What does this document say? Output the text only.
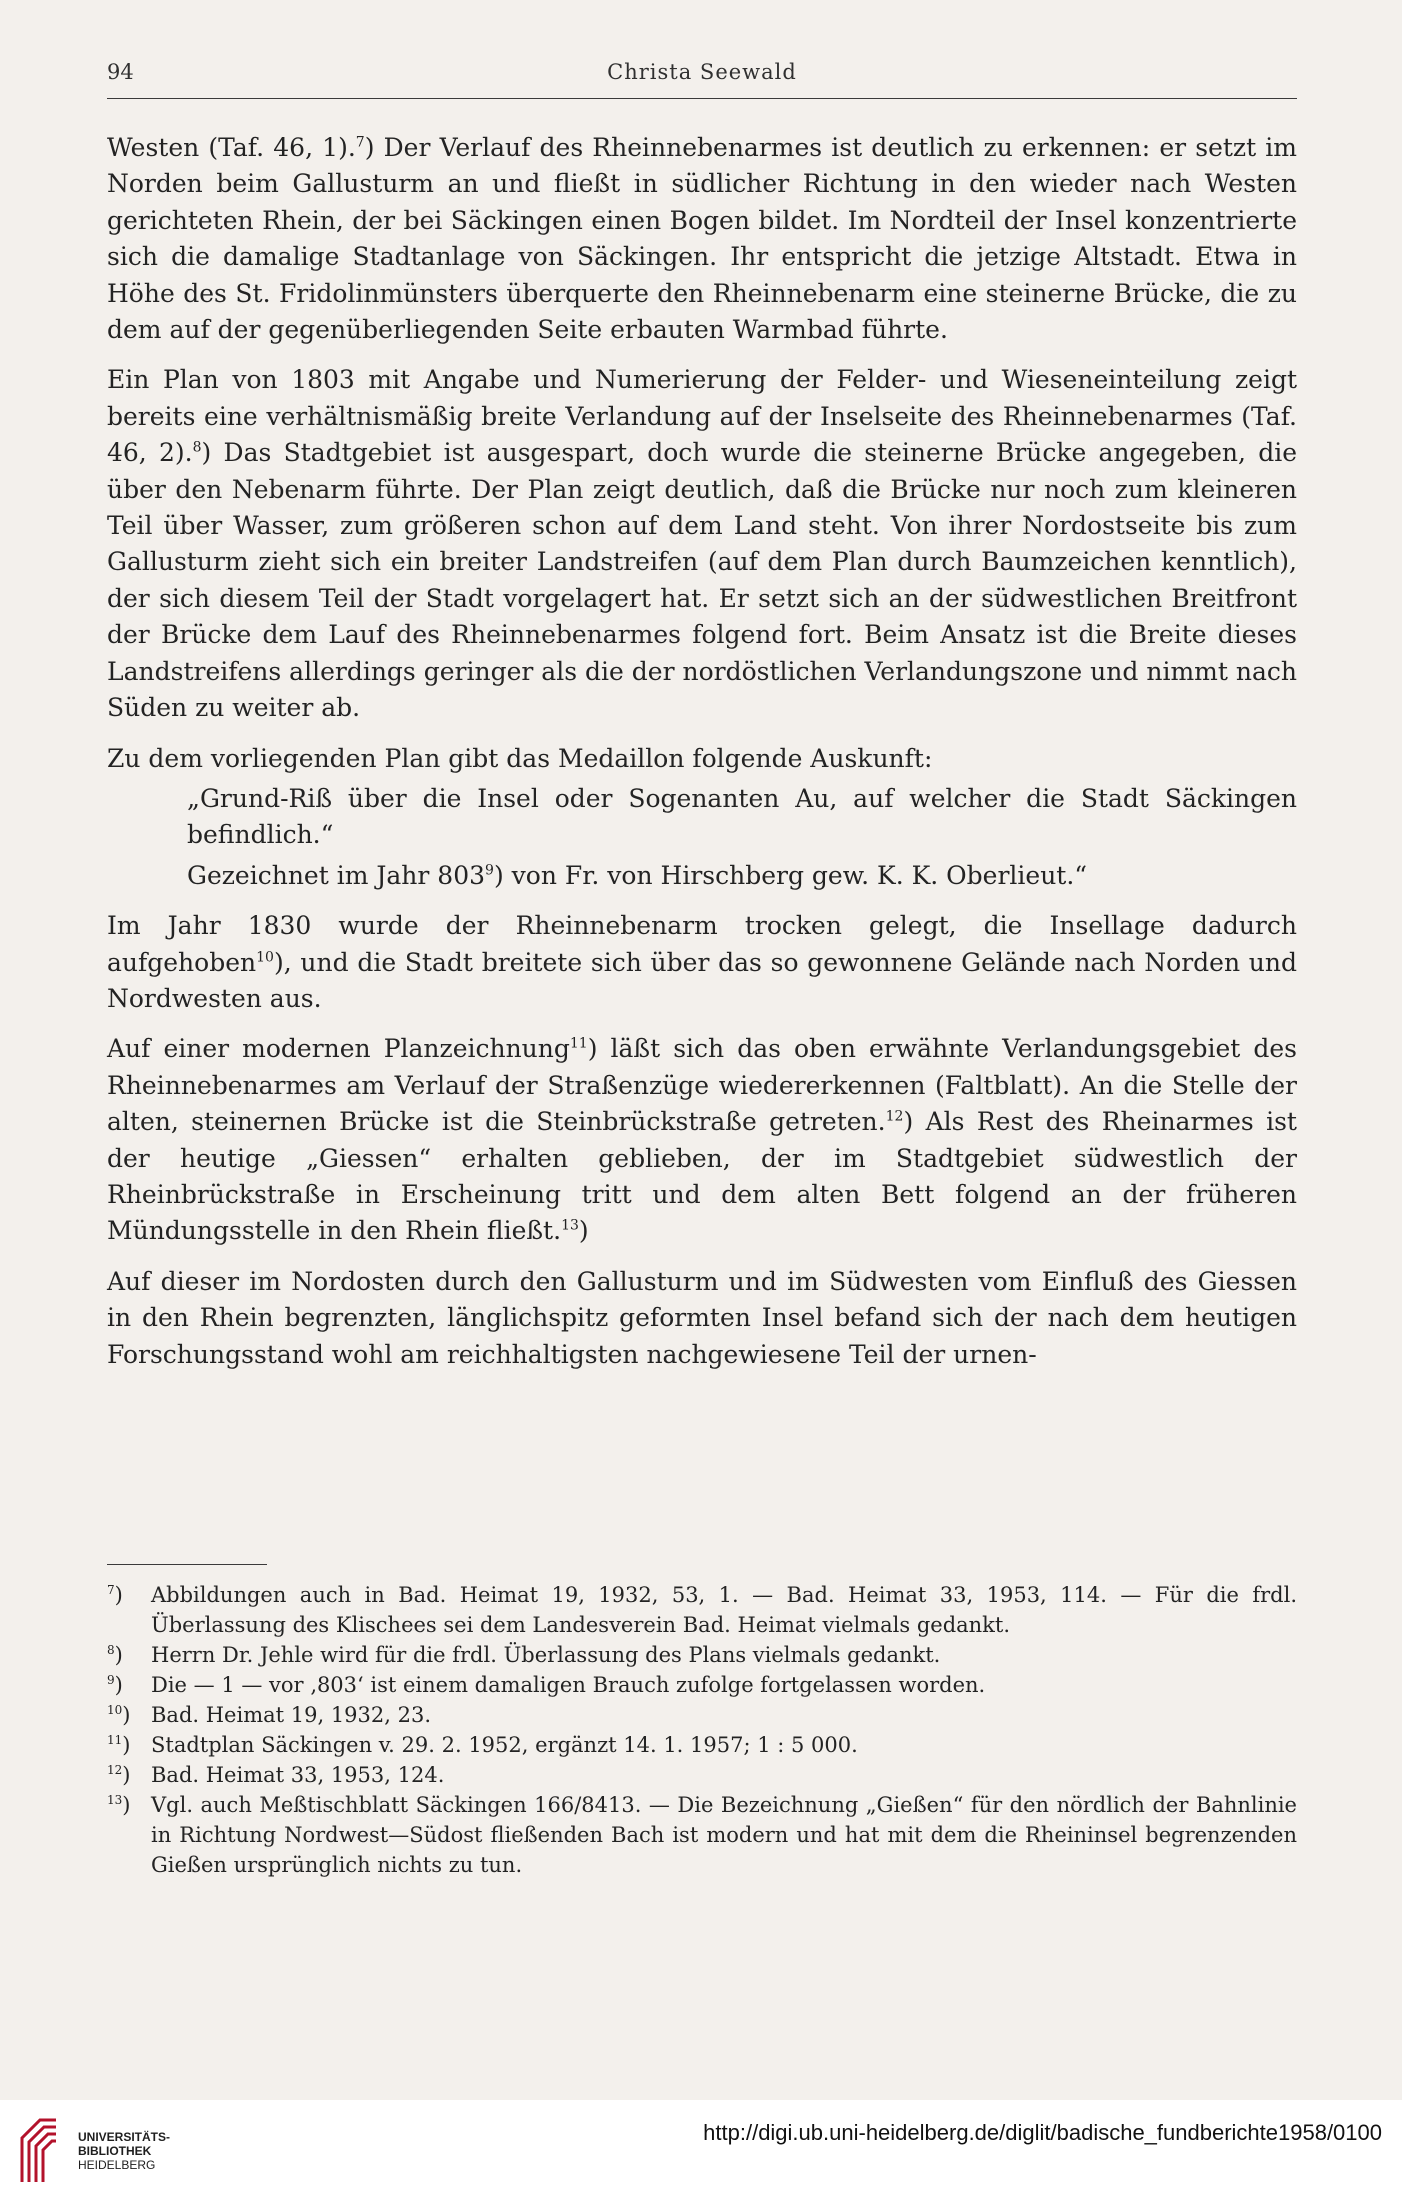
94	Christa Seewald

Westen (Taf. 46, 1).$^7$) Der Verlauf des Rheinnebenarmes ist deutlich zu erkennen: er setzt im Norden beim Gallusturm an und fließt in südlicher Richtung in den wieder nach Westen gerichteten Rhein, der bei Säckingen einen Bogen bildet. Im Nordteil der Insel konzentrierte sich die damalige Stadtanlage von Säckingen. Ihr entspricht die jetzige Altstadt. Etwa in Höhe des St. Fridolinmünsters überquerte den Rheinnebenarm eine steinerne Brücke, die zu dem auf der gegenüberliegenden Seite erbauten Warmbad führte.

Ein Plan von 1803 mit Angabe und Numerierung der Felder- und Wieseneinteilung zeigt bereits eine verhältnismäßig breite Verlandung auf der Inselseite des Rheinnebenarmes (Taf. 46, 2).$^8$) Das Stadtgebiet ist ausgespart, doch wurde die steinerne Brücke angegeben, die über den Nebenarm führte. Der Plan zeigt deutlich, daß die Brücke nur noch zum kleineren Teil über Wasser, zum größeren schon auf dem Land steht. Von ihrer Nordostseite bis zum Gallusturm zieht sich ein breiter Landstreifen (auf dem Plan durch Baumzeichen kenntlich), der sich diesem Teil der Stadt vorgelagert hat. Er setzt sich an der südwestlichen Breitfront der Brücke dem Lauf des Rheinnebenarmes folgend fort. Beim Ansatz ist die Breite dieses Landstreifens allerdings geringer als die der nordöstlichen Verlandungszone und nimmt nach Süden zu weiter ab.

Zu dem vorliegenden Plan gibt das Medaillon folgende Auskunft:

„Grund-Riß über die Insel oder Sogenanten Au, auf welcher die Stadt Säckingen befindlich.“

Gezeichnet im Jahr $803^9$) von Fr. von Hirschberg gew. K. K. Oberlieut.“

Im Jahr 1830 wurde der Rheinnebenarm trocken gelegt, die Insellage dadurch aufgehoben$^{10}$), und die Stadt breitete sich über das so gewonnene Gelände nach Norden und Nordwesten aus.

Auf einer modernen Planzeichnung$^{11}$) läßt sich das oben erwähnte Verlandungsgebiet des Rheinnebenarmes am Verlauf der Straßenzüge wiedererkennen (Faltblatt). An die Stelle der alten, steinernen Brücke ist die Steinbrückstraße getreten.$^{12}$) Als Rest des Rheinarmes ist der heutige „Giessen“ erhalten geblieben, der im Stadtgebiet südwestlich der Rheinbrückstraße in Erscheinung tritt und dem alten Bett folgend an der früheren Mündungsstelle in den Rhein fließt.$^{13}$)

Auf dieser im Nordosten durch den Gallusturm und im Südwesten vom Einfluß des Giessen in den Rhein begrenzten, länglichspitz geformten Insel befand sich der nach dem heutigen Forschungsstand wohl am reichhaltigsten nachgewiesene Teil der urnen-

$^7$) Abbildungen auch in Bad. Heimat 19, 1932, 53, 1. — Bad. Heimat 33, 1953, 114. — Für die frdl. Überlassung des Klischees sei dem Landesverein Bad. Heimat vielmals gedankt.
$^8$) Herrn Dr. Jehle wird für die frdl. Überlassung des Plans vielmals gedankt.
$^9$) Die — 1 — vor ‚803‘ ist einem damaligen Brauch zufolge fortgelassen worden.
$^{10}$) Bad. Heimat 19, 1932, 23.
$^{11}$) Stadtplan Säckingen v. 29. 2. 1952, ergänzt 14. 1. 1957; 1 : 5 000.
$^{12}$) Bad. Heimat 33, 1953, 124.
$^{13}$) Vgl. auch Meßtischblatt Säckingen 166/8413. — Die Bezeichnung „Gießen“ für den nördlich der Bahnlinie in Richtung Nordwest—Südost fließenden Bach ist modern und hat mit dem die Rheininsel begrenzenden Gießen ursprünglich nichts zu tun.
UNIVERSITÄTS-
BIBLIOTHEK
HEIDELBERG
http://digi.ub.uni-heidelberg.de/diglit/badische_fundberichte1958/0100
